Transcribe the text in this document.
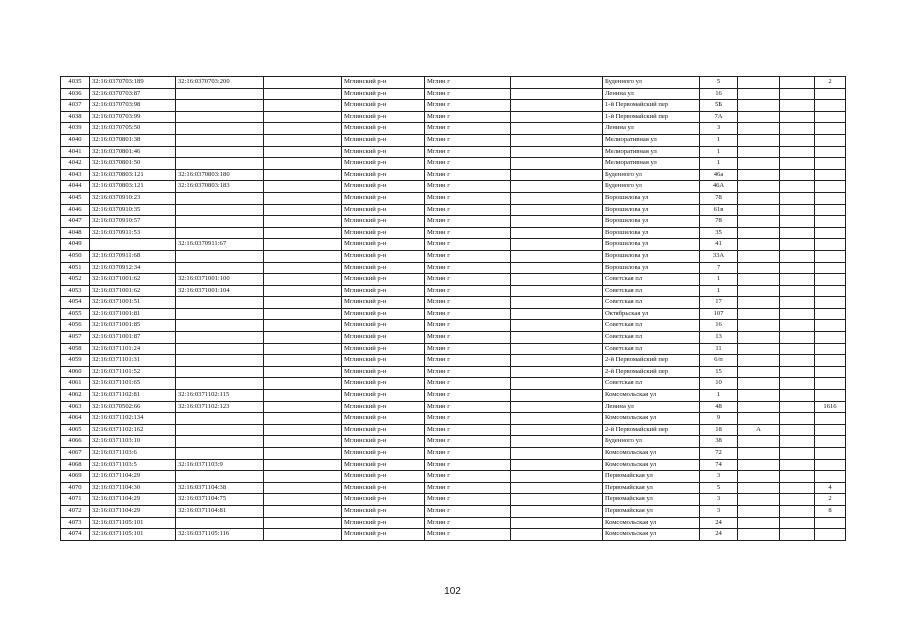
4035	32:16:0370703:189	32:16:0370703:200		Мглинский р-н	Мглин г		Буденного ул	5			2
4036	32:16:0370703:87			Мглинский р-н	Мглин г		Ленина ул	16			
4037	32:16:0370703:98			Мглинский р-н	Мглин г		1-й Первомайский пер	5Б			
4038	32:16:0370703:99			Мглинский р-н	Мглин г		1-й Первомайский пер	7А			
4039	32:16:0370705:50			Мглинский р-н	Мглин г		Ленина ул	3			
4040	32:16:0370801:38			Мглинский р-н	Мглин г		Мелиоративная ул	1			
4041	32:16:0370801:46			Мглинский р-н	Мглин г		Мелиоративная ул	1			
4042	32:16:0370801:50			Мглинский р-н	Мглин г		Мелиоративная ул	1			
4043	32:16:0370803:121	32:16:0370803:180		Мглинский р-н	Мглин г		Буденного ул	46а			
4044	32:16:0370803:121	32:16:0370803:183		Мглинский р-н	Мглин г		Буденного ул	46А			
4045	32:16:0370910:23			Мглинский р-н	Мглин г		Ворошилова ул	78			
4046	32:16:0370910:35			Мглинский р-н	Мглин г		Ворошилова ул	61в			
4047	32:16:0370910:57			Мглинский р-н	Мглин г		Ворошилова ул	78			
4048	32:16:0370911:53			Мглинский р-н	Мглин г		Ворошилова ул	35			
4049		32:16:0370911:67		Мглинский р-н	Мглин г		Ворошилова ул	41			
4050	32:16:0370911:68			Мглинский р-н	Мглин г		Ворошилова ул	33А			
4051	32:16:0370912:34			Мглинский р-н	Мглин г		Ворошилова ул	7			
4052	32:16:0371001:62	32:16:0371001:100		Мглинский р-н	Мглин г		Советская пл	1			
4053	32:16:0371001:62	32:16:0371001:104		Мглинский р-н	Мглин г		Советская пл	1			
4054	32:16:0371001:51			Мглинский р-н	Мглин г		Советская пл	17			
4055	32:16:0371001:81			Мглинский р-н	Мглин г		Октябрьская ул	107			
4056	32:16:0371001:85			Мглинский р-н	Мглин г		Советская пл	16			
4057	32:16:0371001:87			Мглинский р-н	Мглин г		Советская пл	13			
4058	32:16:0371101:24			Мглинский р-н	Мглин г		Советская пл	11			
4059	32:16:0371101:31			Мглинский р-н	Мглин г		2-й Первомайский пер	6/п			
4060	32:16:0371101:52			Мглинский р-н	Мглин г		2-й Первомайский пер	15			
4061	32:16:0371101:65			Мглинский р-н	Мглин г		Советская пл	10			
4062	32:16:0371102:81	32:16:0371102:115		Мглинский р-н	Мглин г		Комсомольская ул	1			
4063	32:16:0370502:66	32:16:0371102:123		Мглинский р-н	Мглин г		Ленина ул	48			1616
4064	32:16:0371102:134			Мглинский р-н	Мглин г		Комсомольская ул	9			
4065	32:16:0371102:162			Мглинский р-н	Мглин г		2-й Первомайский пер	18	А		
4066	32:16:0371103:10			Мглинский р-н	Мглин г		Буденного ул	38			
4067	32:16:0371103:6			Мглинский р-н	Мглин г		Комсомольская ул	72			
4068	32:16:0371103:5	32:16:0371103:9		Мглинский р-н	Мглин г		Комсомольская ул	74			
4069	32:16:0371104:29			Мглинский р-н	Мглин г		Первомайская ул	3			
4070	32:16:0371104:30	32:16:0371104:38		Мглинский р-н	Мглин г		Первомайская ул	5			4
4071	32:16:0371104:29	32:16:0371104:75		Мглинский р-н	Мглин г		Первомайская ул	3			2
4072	32:16:0371104:29	32:16:0371104:81		Мглинский р-н	Мглин г		Первомайская ул	3			8
4073	32:16:0371105:101			Мглинский р-н	Мглин г		Комсомольская ул	24			
4074	32:16:0371105:101	32:16:0371105:116		Мглинский р-н	Мглин г		Комсомольская ул	24			
102
